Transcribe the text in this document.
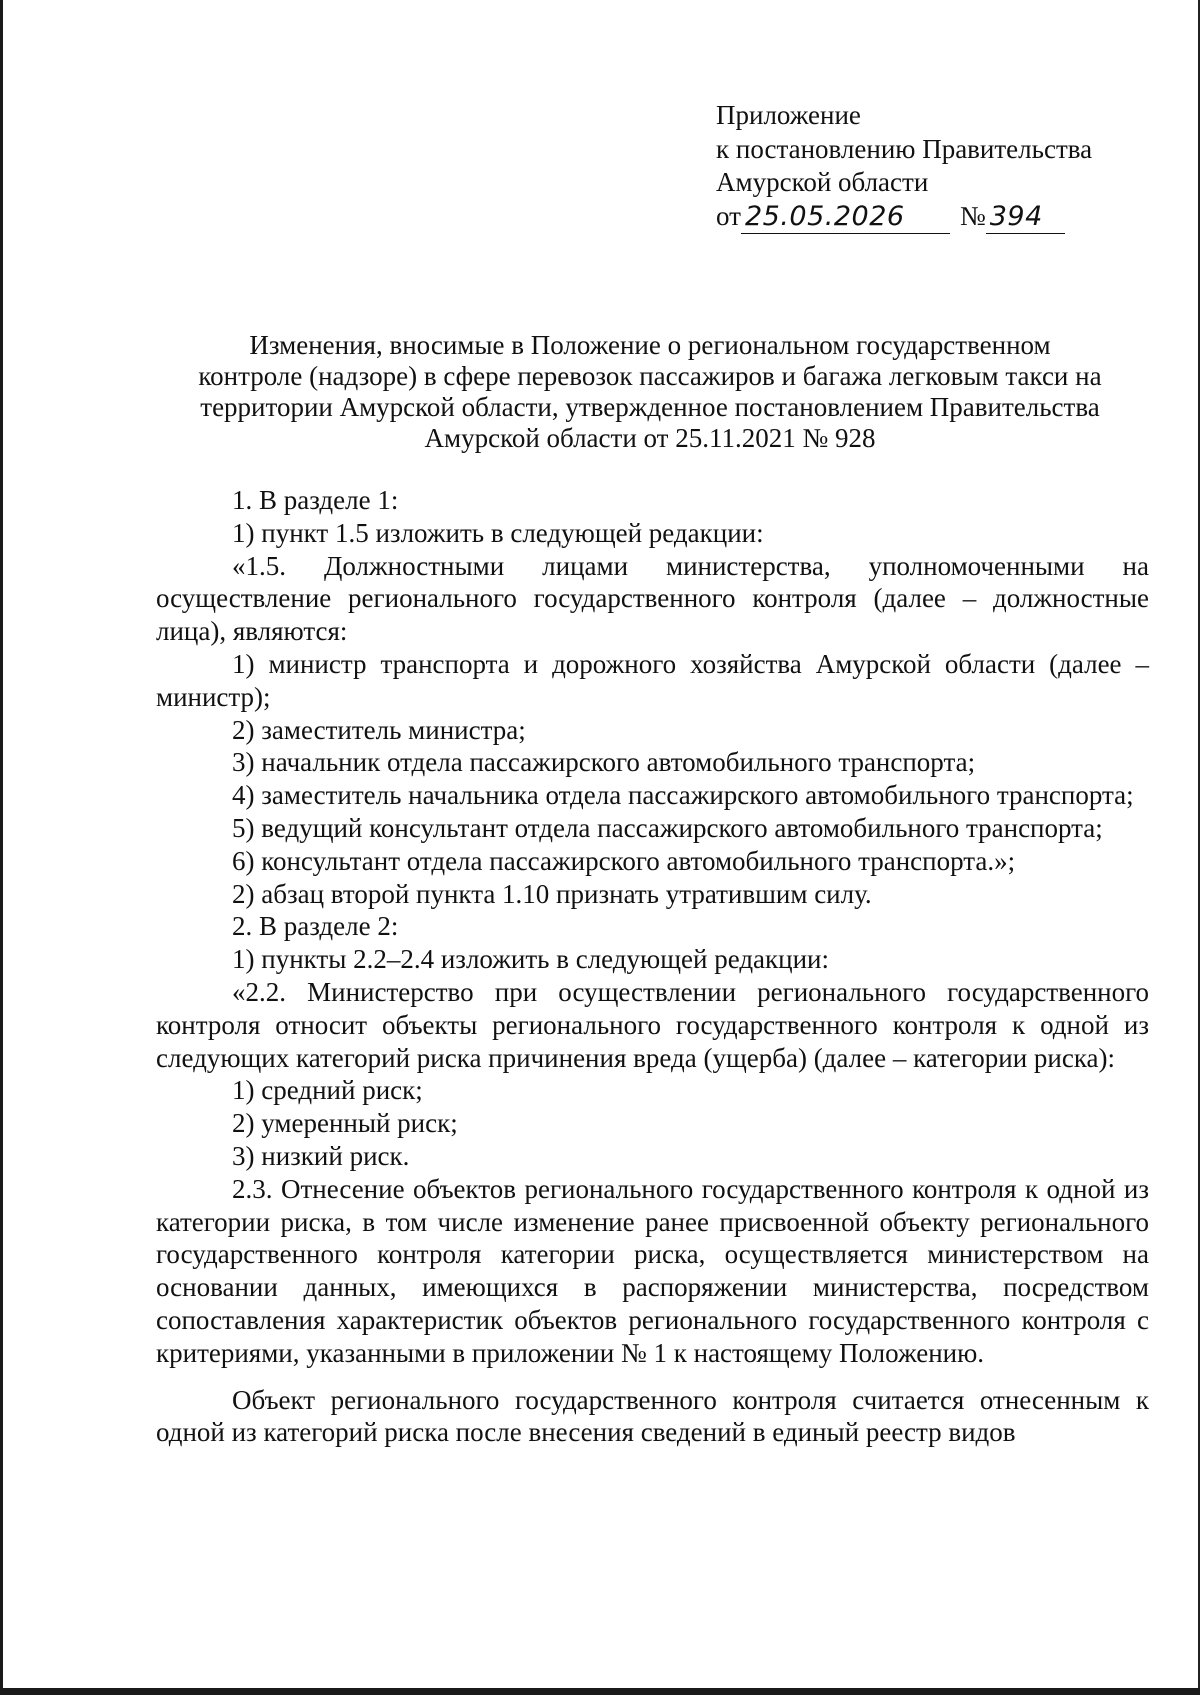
Приложение
к постановлению Правительства
Амурской области
от 25.05.2026 № 394
Изменения, вносимые в Положение о региональном государственном
контроле (надзоре) в сфере перевозок пассажиров и багажа легковым такси на
территории Амурской области, утвержденное постановлением Правительства
Амурской области от 25.11.2021 № 928

1. В разделе 1:

1) пункт 1.5 изложить в следующей редакции:

«1.5. Должностными лицами министерства, уполномоченными на осуществление регионального государственного контроля (далее – должностные лица), являются:

1) министр транспорта и дорожного хозяйства Амурской области (далее – министр);

2) заместитель министра;

3) начальник отдела пассажирского автомобильного транспорта;

4) заместитель начальника отдела пассажирского автомобильного транспорта;

5) ведущий консультант отдела пассажирского автомобильного транспорта;

6) консультант отдела пассажирского автомобильного транспорта.»;

2) абзац второй пункта 1.10 признать утратившим силу.

2. В разделе 2:

1) пункты 2.2–2.4 изложить в следующей редакции:

«2.2. Министерство при осуществлении регионального государственного контроля относит объекты регионального государственного контроля к одной из следующих категорий риска причинения вреда (ущерба) (далее – категории риска):

1) средний риск;

2) умеренный риск;

3) низкий риск.

2.3. Отнесение объектов регионального государственного контроля к одной из категории риска, в том числе изменение ранее присвоенной объекту регионального государственного контроля категории риска, осуществляется министерством на основании данных, имеющихся в распоряжении министерства, посредством сопоставления характеристик объектов регионального государственного контроля с критериями, указанными в приложении № 1 к настоящему Положению.

Объект регионального государственного контроля считается отнесенным к одной из категорий риска после внесения сведений в единый реестр видов
